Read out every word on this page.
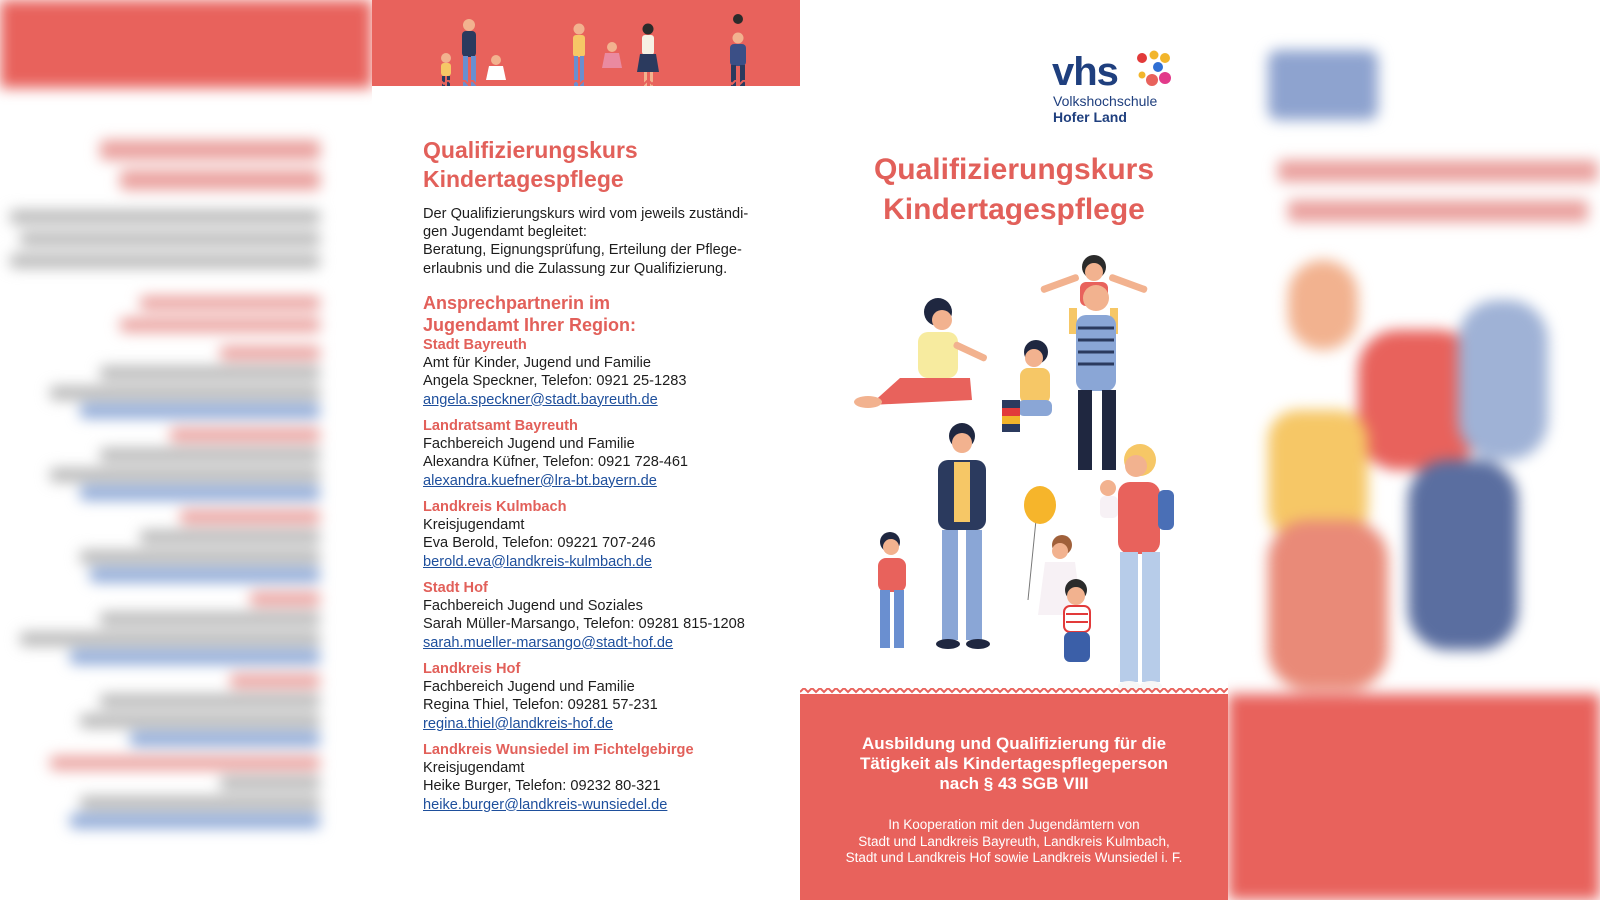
Qualifizierungskurs
Kindertagespflege
Der Qualifizierungskurs wird vom jeweils zuständi-
gen Jugendamt begleitet:
Beratung, Eignungsprüfung, Erteilung der Pflege-
erlaubnis und die Zulassung zur Qualifizierung.
Ansprechpartnerin im
Jugendamt Ihrer Region:
Stadt Bayreuth
Amt für Kinder, Jugend und Familie
Angela Speckner, Telefon: 0921 25-1283
angela.speckner@stadt.bayreuth.de
Landratsamt Bayreuth
Fachbereich Jugend und Familie
Alexandra Küfner, Telefon: 0921 728-461
alexandra.kuefner@lra-bt.bayern.de
Landkreis Kulmbach
Kreisjugendamt
Eva Berold, Telefon: 09221 707-246
berold.eva@landkreis-kulmbach.de
Stadt Hof
Fachbereich Jugend und Soziales
Sarah Müller-Marsango, Telefon: 09281 815-1208
sarah.mueller-marsango@stadt-hof.de
Landkreis Hof
Fachbereich Jugend und Familie
Regina Thiel, Telefon: 09281 57-231
regina.thiel@landkreis-hof.de
Landkreis Wunsiedel im Fichtelgebirge
Kreisjugendamt
Heike Burger, Telefon: 09232 80-321
heike.burger@landkreis-wunsiedel.de
vhs
Volkshochschule
Hofer Land
Qualifizierungskurs
Kindertagespflege
Ausbildung und Qualifizierung für die
Tätigkeit als Kindertagespflegeperson
nach § 43 SGB VIII
In Kooperation mit den Jugendämtern von
Stadt und Landkreis Bayreuth, Landkreis Kulmbach,
Stadt und Landkreis Hof sowie Landkreis Wunsiedel i. F.
